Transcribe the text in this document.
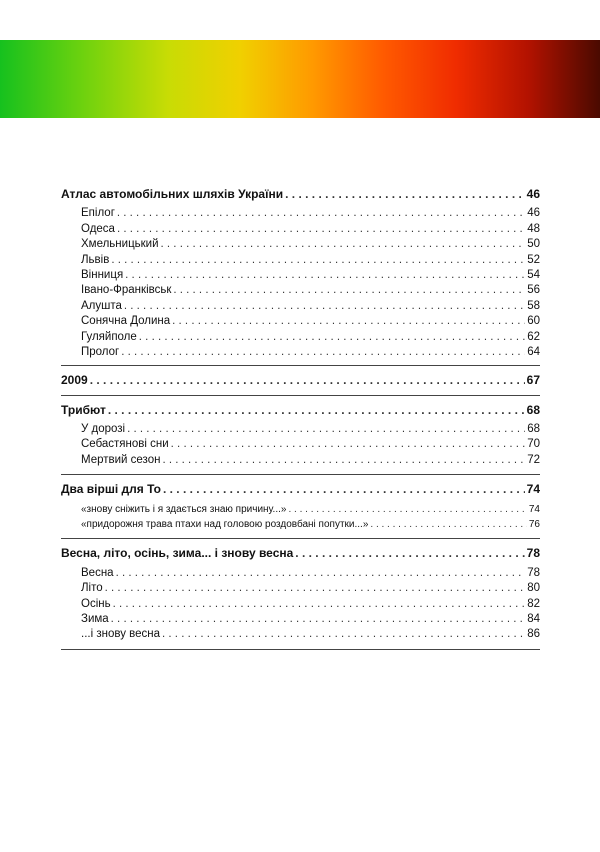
Атлас автомобільних шляхів України . . .	46
Епілог . . .	46
Одеса . . .	48
Хмельницький . . .	50
Львів . . .	52
Вінниця . . .	54
Івано-Франківськ . . .	56
Алушта . . .	58
Сонячна Долина . . .	60
Гуляйполе . . .	62
Пролог . . .	64
2009 . . .	67
Трибют . . .	68
У дорозі . . .	68
Себастянові сни . . .	70
Мертвий сезон . . .	72
Два вірші для То . . .	74
«знову сніжить і я здається знаю причину...» . . .	74
«придорожня трава птахи над головою роздовбані попутки...» . . .	76
Весна, літо, осінь, зима... і знову весна . . .	78
Весна . . .	78
Літо . . .	80
Осінь . . .	82
Зима . . .	84
...і знову весна . . .	86
